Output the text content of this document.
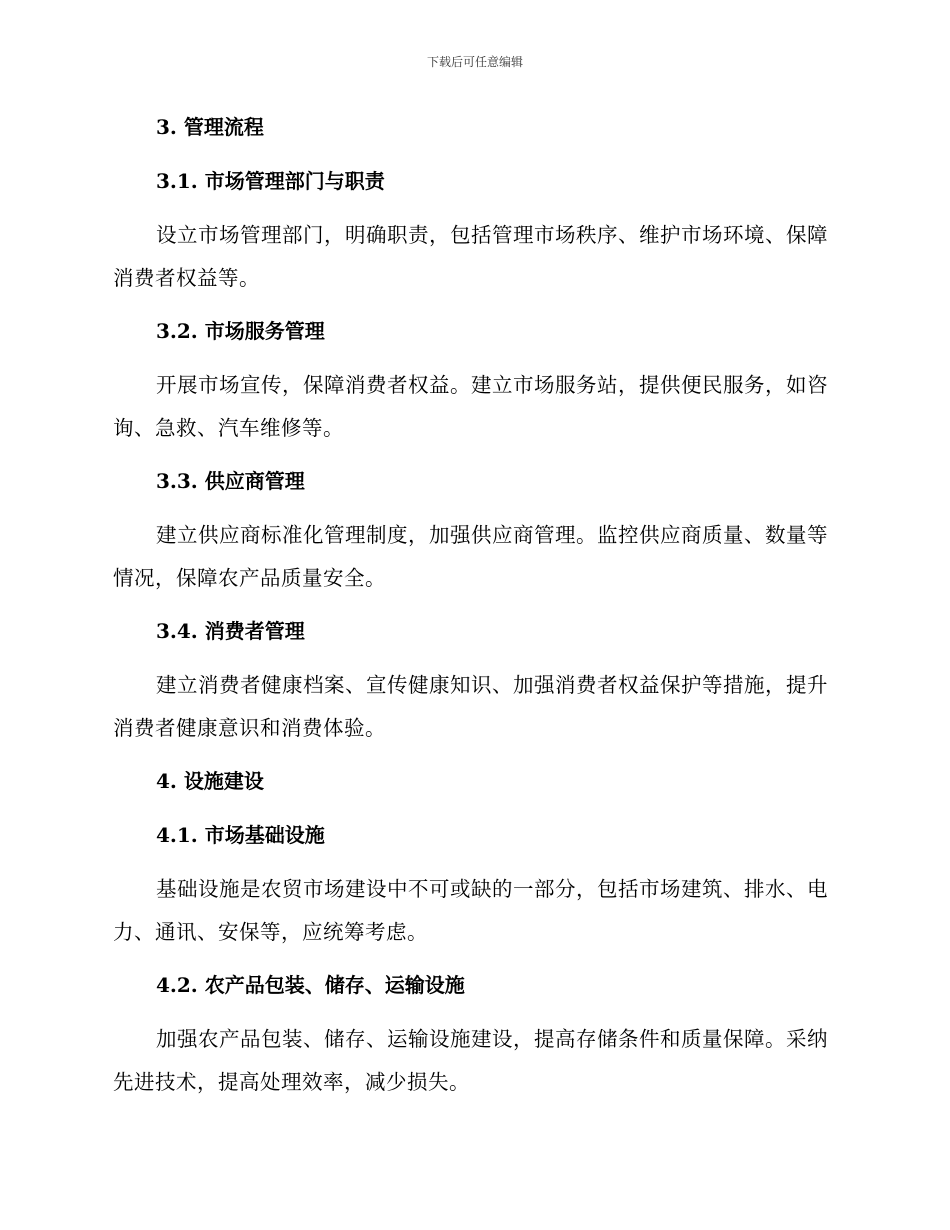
下载后可任意编辑
3. 管理流程
3.1. 市场管理部门与职责

设立市场管理部门，明确职责，包括管理市场秩序、维护市场环境、保障消费者权益等。

3.2. 市场服务管理

开展市场宣传，保障消费者权益。建立市场服务站，提供便民服务，如咨询、急救、汽车维修等。

3.3. 供应商管理

建立供应商标准化管理制度，加强供应商管理。监控供应商质量、数量等情况，保障农产品质量安全。

3.4. 消费者管理

建立消费者健康档案、宣传健康知识、加强消费者权益保护等措施，提升消费者健康意识和消费体验。

4. 设施建设
4.1. 市场基础设施

基础设施是农贸市场建设中不可或缺的一部分，包括市场建筑、排水、电力、通讯、安保等，应统筹考虑。

4.2. 农产品包装、储存、运输设施

加强农产品包装、储存、运输设施建设，提高存储条件和质量保障。采纳先进技术，提高处理效率，减少损失。
